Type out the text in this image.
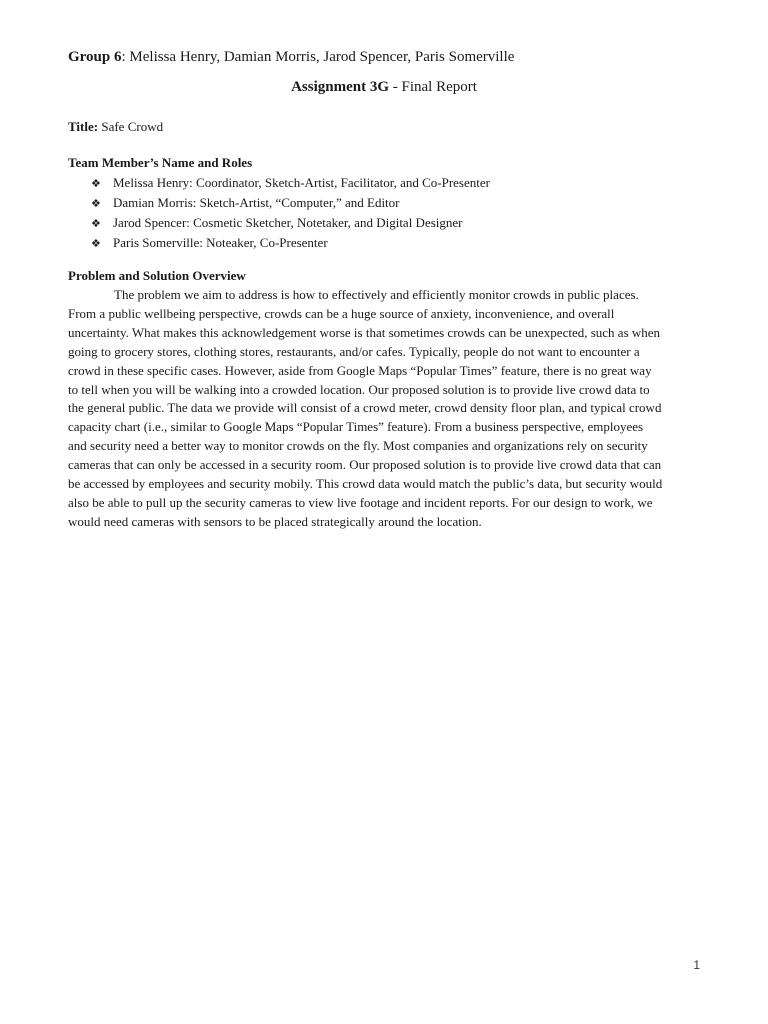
Group 6: Melissa Henry, Damian Morris, Jarod Spencer, Paris Somerville
Assignment 3G - Final Report
Title: Safe Crowd
Team Member’s Name and Roles
❖ Melissa Henry: Coordinator, Sketch-Artist, Facilitator, and Co-Presenter
❖ Damian Morris: Sketch-Artist, “Computer,” and Editor
❖ Jarod Spencer: Cosmetic Sketcher, Notetaker, and Digital Designer
❖ Paris Somerville: Noteaker, Co-Presenter
Problem and Solution Overview

The problem we aim to address is how to effectively and efficiently monitor crowds in public places.
From a public wellbeing perspective, crowds can be a huge source of anxiety, inconvenience, and overall
uncertainty. What makes this acknowledgement worse is that sometimes crowds can be unexpected, such as when
going to grocery stores, clothing stores, restaurants, and/or cafes. Typically, people do not want to encounter a
crowd in these specific cases. However, aside from Google Maps “Popular Times” feature, there is no great way
to tell when you will be walking into a crowded location. Our proposed solution is to provide live crowd data to
the general public. The data we provide will consist of a crowd meter, crowd density floor plan, and typical crowd
capacity chart (i.e., similar to Google Maps “Popular Times” feature). From a business perspective, employees
and security need a better way to monitor crowds on the fly. Most companies and organizations rely on security
cameras that can only be accessed in a security room. Our proposed solution is to provide live crowd data that can
be accessed by employees and security mobily. This crowd data would match the public’s data, but security would
also be able to pull up the security cameras to view live footage and incident reports. For our design to work, we
would need cameras with sensors to be placed strategically around the location.

1
